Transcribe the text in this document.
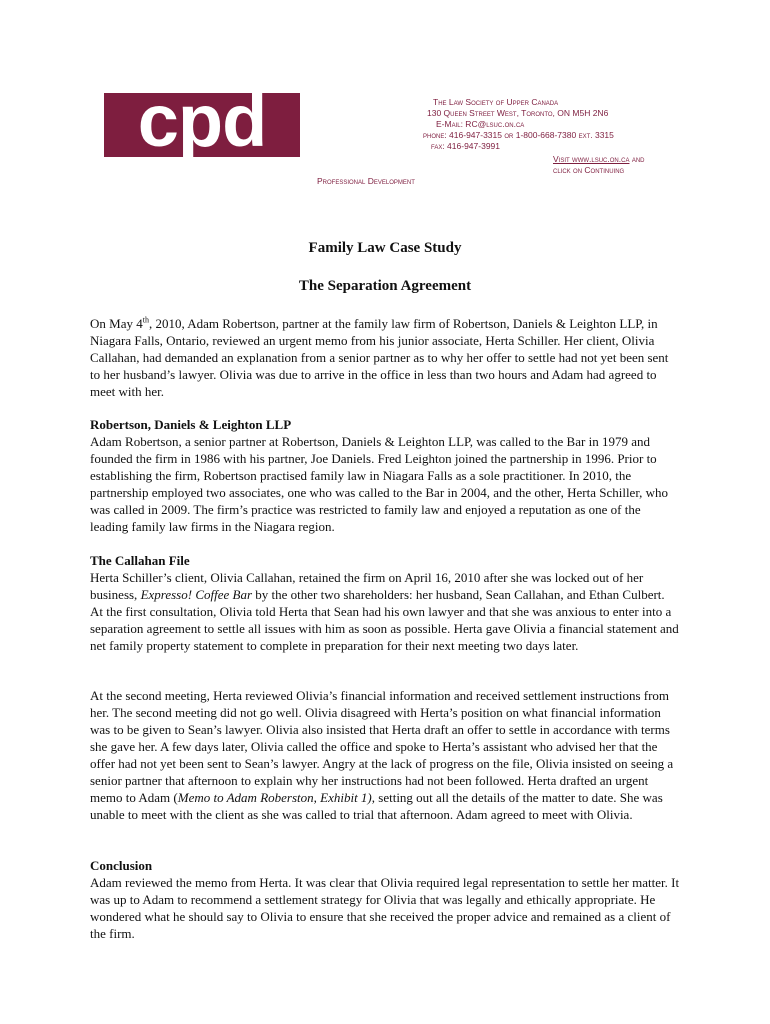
cpd	The Law Society of Upper Canada
130 Queen Street West, Toronto, ON M5H 2N6
E-Mail: RC@lsuc.on.ca
phone: 416-947-3315 or 1-800-668-7380 ext. 3315
fax: 416-947-3991
Visit www.lsuc.on.ca and
click on Continuing
Professional Development
Family Law Case Study
The Separation Agreement

On May 4th, 2010, Adam Robertson, partner at the family law firm of Robertson, Daniels & Leighton LLP, in Niagara Falls, Ontario, reviewed an urgent memo from his junior associate, Herta Schiller. Her client, Olivia Callahan, had demanded an explanation from a senior partner as to why her offer to settle had not yet been sent to her husband’s lawyer. Olivia was due to arrive in the office in less than two hours and Adam had agreed to meet with her.

Robertson, Daniels & Leighton LLP

Adam Robertson, a senior partner at Robertson, Daniels & Leighton LLP, was called to the Bar in 1979 and founded the firm in 1986 with his partner, Joe Daniels. Fred Leighton joined the partnership in 1996. Prior to establishing the firm, Robertson practised family law in Niagara Falls as a sole practitioner. In 2010, the partnership employed two associates, one who was called to the Bar in 2004, and the other, Herta Schiller, who was called in 2009. The firm’s practice was restricted to family law and enjoyed a reputation as one of the leading family law firms in the Niagara region.

The Callahan File

Herta Schiller’s client, Olivia Callahan, retained the firm on April 16, 2010 after she was locked out of her business, Expresso! Coffee Bar by the other two shareholders: her husband, Sean Callahan, and Ethan Culbert. At the first consultation, Olivia told Herta that Sean had his own lawyer and that she was anxious to enter into a separation agreement to settle all issues with him as soon as possible. Herta gave Olivia a financial statement and net family property statement to complete in preparation for their next meeting two days later.

At the second meeting, Herta reviewed Olivia’s financial information and received settlement instructions from her. The second meeting did not go well. Olivia disagreed with Herta’s position on what financial information was to be given to Sean’s lawyer. Olivia also insisted that Herta draft an offer to settle in accordance with terms she gave her. A few days later, Olivia called the office and spoke to Herta’s assistant who advised her that the offer had not yet been sent to Sean’s lawyer. Angry at the lack of progress on the file, Olivia insisted on seeing a senior partner that afternoon to explain why her instructions had not been followed. Herta drafted an urgent memo to Adam (Memo to Adam Roberston, Exhibit 1), setting out all the details of the matter to date. She was unable to meet with the client as she was called to trial that afternoon. Adam agreed to meet with Olivia.

Conclusion

Adam reviewed the memo from Herta. It was clear that Olivia required legal representation to settle her matter. It was up to Adam to recommend a settlement strategy for Olivia that was legally and ethically appropriate. He wondered what he should say to Olivia to ensure that she received the proper advice and remained as a client of the firm.
